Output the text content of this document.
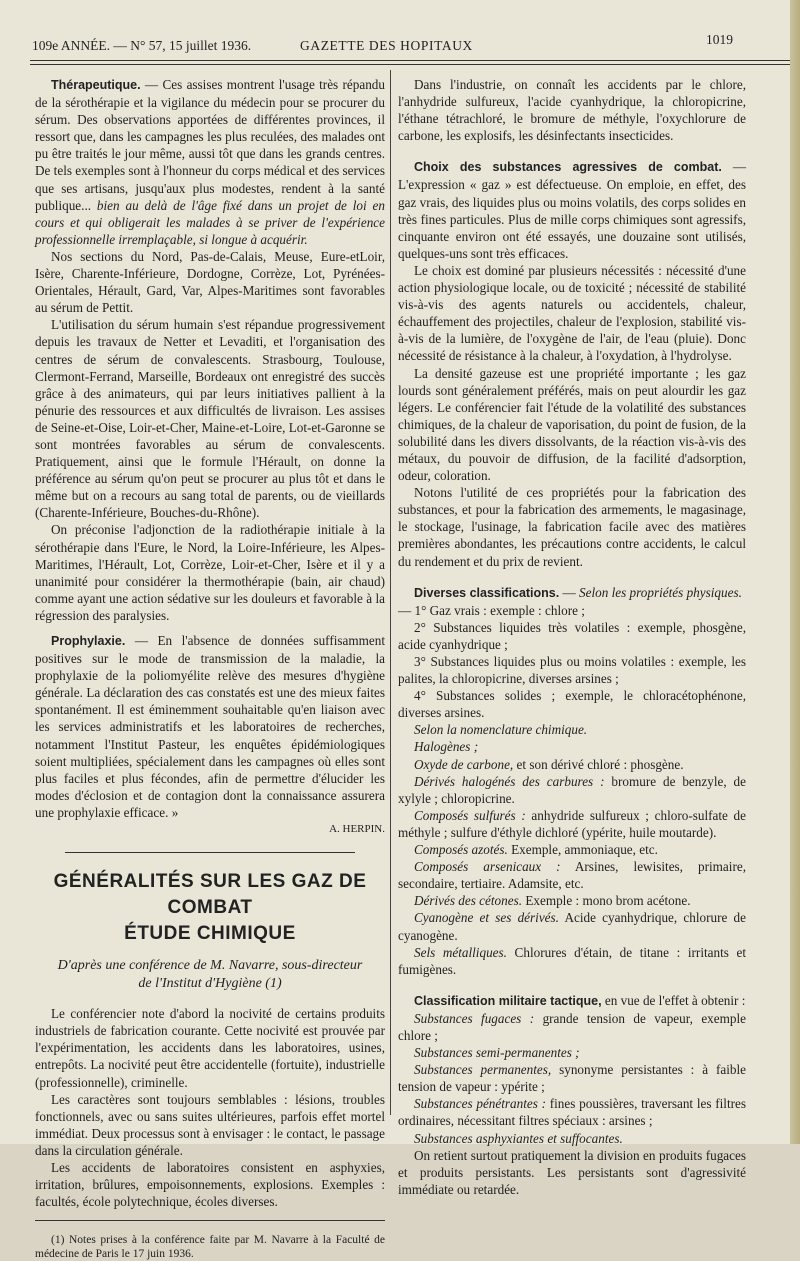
109e ANNÉE. — N° 57, 15 juillet 1936.	GAZETTE DES HOPITAUX	1019

Thérapeutique. — Ces assises montrent l'usage très répandu de la sérothérapie et la vigilance du médecin pour se procurer du sérum. Des observations apportées de différentes provinces, il ressort que, dans les campagnes les plus reculées, des malades ont pu être traités le jour même, aussi tôt que dans les grands centres. De tels exemples sont à l'honneur du corps médical et des services que ses artisans, jusqu'aux plus modestes, rendent à la santé publique... bien au delà de l'âge fixé dans un projet de loi en cours et qui obligerait les malades à se priver de l'expérience professionnelle irremplaçable, si longue à acquérir.

Nos sections du Nord, Pas-de-Calais, Meuse, Eure-etLoir, Isère, Charente-Inférieure, Dordogne, Corrèze, Lot, Pyrénées-Orientales, Hérault, Gard, Var, Alpes-Maritimes sont favorables au sérum de Pettit.

L'utilisation du sérum humain s'est répandue progressivement depuis les travaux de Netter et Levaditi, et l'organisation des centres de sérum de convalescents. Strasbourg, Toulouse, Clermont-Ferrand, Marseille, Bordeaux ont enregistré des succès grâce à des animateurs, qui par leurs initiatives pallient à la pénurie des ressources et aux difficultés de livraison. Les assises de Seine-et-Oise, Loir-et-Cher, Maine-et-Loire, Lot-et-Garonne se sont montrées favorables au sérum de convalescents. Pratiquement, ainsi que le formule l'Hérault, on donne la préférence au sérum qu'on peut se procurer au plus tôt et dans le même but on a recours au sang total de parents, ou de vieillards (Charente-Inférieure, Bouches-du-Rhône).

On préconise l'adjonction de la radiothérapie initiale à la sérothérapie dans l'Eure, le Nord, la Loire-Inférieure, les Alpes-Maritimes, l'Hérault, Lot, Corrèze, Loir-et-Cher, Isère et il y a unanimité pour considérer la thermothérapie (bain, air chaud) comme ayant une action sédative sur les douleurs et favorable à la régression des paralysies.

Prophylaxie. — En l'absence de données suffisamment positives sur le mode de transmission de la maladie, la prophylaxie de la poliomyélite relève des mesures d'hygiène générale. La déclaration des cas constatés est une des mieux faites spontanément. Il est éminemment souhaitable qu'en liaison avec les services administratifs et les laboratoires de recherches, notamment l'Institut Pasteur, les enquêtes épidémiologiques soient multipliées, spécialement dans les campagnes où elles sont plus faciles et plus fécondes, afin de permettre d'élucider les modes d'éclosion et de contagion dont la connaissance assurera une prophylaxie efficace. »

A. HERPIN.

GÉNÉRALITÉS SUR LES GAZ DE COMBAT
ÉTUDE CHIMIQUE
D'après une conférence de M. Navarre, sous-directeur
de l'Institut d'Hygiène (1)

Le conférencier note d'abord la nocivité de certains produits industriels de fabrication courante. Cette nocivité est prouvée par l'expérimentation, les accidents dans les laboratoires, usines, entrepôts. La nocivité peut être accidentelle (fortuite), industrielle (professionnelle), criminelle.

Les caractères sont toujours semblables : lésions, troubles fonctionnels, avec ou sans suites ultérieures, parfois effet mortel immédiat. Deux processus sont à envisager : le contact, le passage dans la circulation générale.

Les accidents de laboratoires consistent en asphyxies, irritation, brûlures, empoisonnements, explosions. Exemples : facultés, école polytechnique, écoles diverses.

(1) Notes prises à la conférence faite par M. Navarre à la Faculté de médecine de Paris le 17 juin 1936.

Dans l'industrie, on connaît les accidents par le chlore, l'anhydride sulfureux, l'acide cyanhydrique, la chloropicrine, l'éthane tétrachloré, le bromure de méthyle, l'oxychlorure de carbone, les explosifs, les désinfectants insecticides.

Choix des substances agressives de combat. — L'expression « gaz » est défectueuse. On emploie, en effet, des gaz vrais, des liquides plus ou moins volatils, des corps solides en très fines particules. Plus de mille corps chimiques sont agressifs, cinquante environ ont été essayés, une douzaine sont utilisés, quelques-uns sont très efficaces.

Le choix est dominé par plusieurs nécessités : nécessité d'une action physiologique locale, ou de toxicité ; nécessité de stabilité vis-à-vis des agents naturels ou accidentels, chaleur, échauffement des projectiles, chaleur de l'explosion, stabilité vis-à-vis de la lumière, de l'oxygène de l'air, de l'eau (pluie). Donc nécessité de résistance à la chaleur, à l'oxydation, à l'hydrolyse.

La densité gazeuse est une propriété importante ; les gaz lourds sont généralement préférés, mais on peut alourdir les gaz légers. Le conférencier fait l'étude de la volatilité des substances chimiques, de la chaleur de vaporisation, du point de fusion, de la solubilité dans les divers dissolvants, de la réaction vis-à-vis des métaux, du pouvoir de diffusion, de la facilité d'adsorption, odeur, coloration.

Notons l'utilité de ces propriétés pour la fabrication des substances, et pour la fabrication des armements, le magasinage, le stockage, l'usinage, la fabrication facile avec des matières premières abondantes, les précautions contre accidents, le calcul du rendement et du prix de revient.

Diverses classifications. — Selon les propriétés physiques.

— 1° Gaz vrais : exemple : chlore ;

2° Substances liquides très volatiles : exemple, phosgène, acide cyanhydrique ;

3° Substances liquides plus ou moins volatiles : exemple, les palites, la chloropicrine, diverses arsines ;

4° Substances solides ; exemple, le chloracétophénone, diverses arsines.

Selon la nomenclature chimique.

Halogènes ;

Oxyde de carbone, et son dérivé chloré : phosgène.

Dérivés halogénés des carbures : bromure de benzyle, de xylyle ; chloropicrine.

Composés sulfurés : anhydride sulfureux ; chloro-sulfate de méthyle ; sulfure d'éthyle dichloré (ypérite, huile moutarde).

Composés azotés. Exemple, ammoniaque, etc.

Composés arsenicaux : Arsines, lewisites, primaire, secondaire, tertiaire. Adamsite, etc.

Dérivés des cétones. Exemple : mono brom acétone.

Cyanogène et ses dérivés. Acide cyanhydrique, chlorure de cyanogène.

Sels métalliques. Chlorures d'étain, de titane : irritants et fumigènes.

Classification militaire tactique, en vue de l'effet à obtenir :

Substances fugaces : grande tension de vapeur, exemple chlore ;

Substances semi-permanentes ;

Substances permanentes, synonyme persistantes : à faible tension de vapeur : ypérite ;

Substances pénétrantes : fines poussières, traversant les filtres ordinaires, nécessitant filtres spéciaux : arsines ;

Substances asphyxiantes et suffocantes.

On retient surtout pratiquement la division en produits fugaces et produits persistants. Les persistants sont d'agressivité immédiate ou retardée.
